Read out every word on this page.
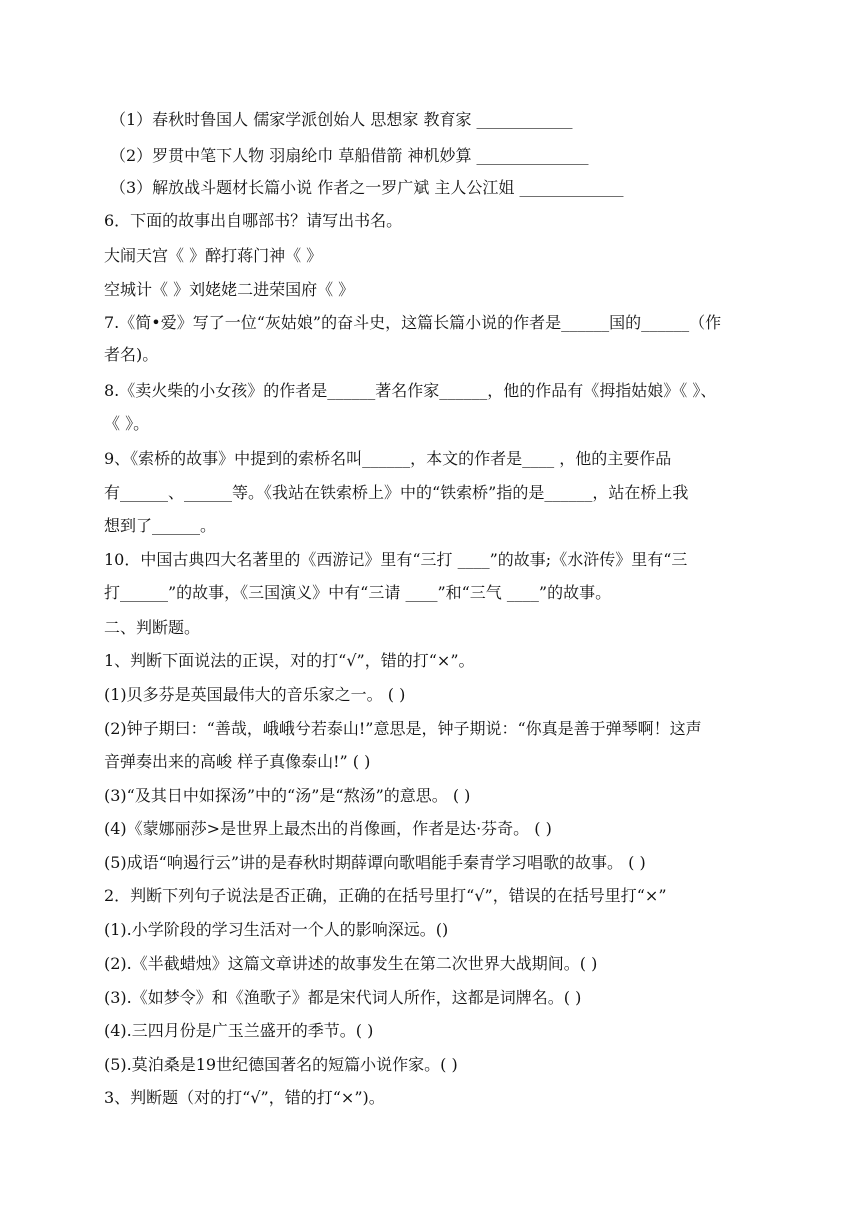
（1）春秋时鲁国人 儒家学派创始人 思想家 教育家 ____________
（2）罗贯中笔下人物 羽扇纶巾 草船借箭 神机妙算 ______________
（3）解放战斗题材长篇小说 作者之一罗广斌 主人公江姐 _____________
6．下面的故事出自哪部书？请写出书名。
大闹天宫《 》醉打蒋门神《 》
空城计《 》刘姥姥二进荣国府《 》
7.《简•爱》写了一位“灰姑娘”的奋斗史，这篇长篇小说的作者是______国的______（作
者名)。
8.《卖火柴的小女孩》的作者是______著名作家______，他的作品有《拇指姑娘》《 》、
《 》。
9、《索桥的故事》中提到的索桥名叫______，本文的作者是____ ，他的主要作品
有______、______等。《我站在铁索桥上》中的“铁索桥”指的是______，站在桥上我
想到了______。
10．中国古典四大名著里的《西游记》里有“三打 ____”的故事;《水浒传》里有“三
打______”的故事，《三国演义》中有“三请 ____”和“三气 ____”的故事。
二、判断题。
1、判断下面说法的正误，对的打“√”，错的打“×”。
(1)贝多芬是英国最伟大的音乐家之一。 ( )
(2)钟子期曰：“善哉，峨峨兮若泰山!”意思是，钟子期说：“你真是善于弹琴啊！这声
音弹奏出来的高峻 样子真像泰山!” ( )
(3)“及其日中如探汤”中的“汤”是“熬汤”的意思。 ( )
(4)《蒙娜丽莎>是世界上最杰出的肖像画，作者是达·芬奇。 ( )
(5)成语“响遏行云”讲的是春秋时期薛谭向歌唱能手秦青学习唱歌的故事。 ( )
2．判断下列句子说法是否正确，正确的在括号里打“√”，错误的在括号里打“×”
(1).小学阶段的学习生活对一个人的影响深远。()
(2).《半截蜡烛》这篇文章讲述的故事发生在第二次世界大战期间。( )
(3).《如梦令》和《渔歌子》都是宋代词人所作，这都是词牌名。( )
(4).三四月份是广玉兰盛开的季节。( )
(5).莫泊桑是19世纪德国著名的短篇小说作家。( )
3、判断题（对的打“√”，错的打“×”)。
